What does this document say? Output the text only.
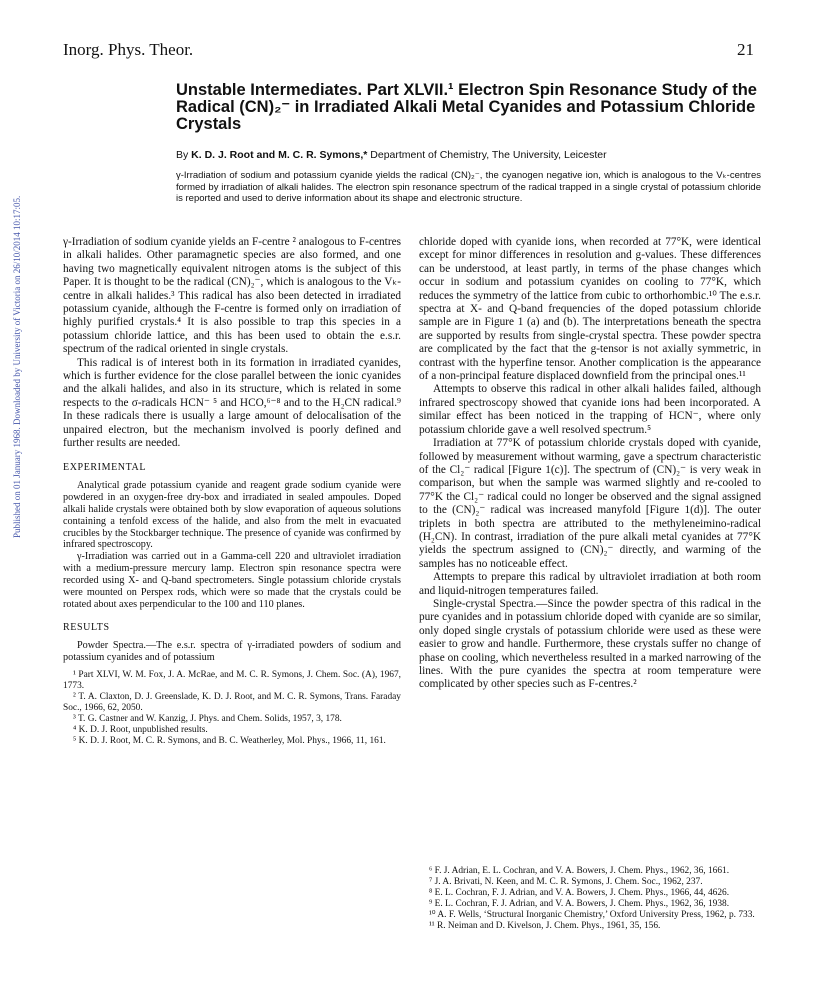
Published on 01 January 1968. Downloaded by University of Victoria on 26/10/2014 10:17:05.
Inorg. Phys. Theor.	21
Unstable Intermediates. Part XLVII.¹ Electron Spin Resonance Study of the Radical (CN)₂⁻ in Irradiated Alkali Metal Cyanides and Potassium Chloride Crystals
By K. D. J. Root and M. C. R. Symons,* Department of Chemistry, The University, Leicester
γ-Irradiation of sodium and potassium cyanide yields the radical (CN)₂⁻, the cyanogen negative ion, which is analogous to the Vₖ-centres formed by irradiation of alkali halides. The electron spin resonance spectrum of the radical trapped in a single crystal of potassium chloride is reported and used to derive information about its shape and electronic structure.

γ-Irradiation of sodium cyanide yields an F-centre ² analogous to F-centres in alkali halides. Other paramagnetic species are also formed, and one having two magnetically equivalent nitrogen atoms is the subject of this Paper. It is thought to be the radical (CN)₂⁻, which is analogous to the Vₖ-centre in alkali halides.³ This radical has also been detected in irradiated potassium cyanide, although the F-centre is formed only on irradiation of highly purified crystals.⁴ It is also possible to trap this species in a potassium chloride lattice, and this has been used to obtain the e.s.r. spectrum of the radical oriented in single crystals.

This radical is of interest both in its formation in irradiated cyanides, which is further evidence for the close parallel between the ionic cyanides and the alkali halides, and also in its structure, which is related in some respects to the σ-radicals HCN⁻ ⁵ and HCO,⁶⁻⁸ and to the H₂CN radical.⁹ In these radicals there is usually a large amount of delocalisation of the unpaired electron, but the mechanism involved is poorly defined and further results are needed.

EXPERIMENTAL

Analytical grade potassium cyanide and reagent grade sodium cyanide were powdered in an oxygen-free dry-box and irradiated in sealed ampoules. Doped alkali halide crystals were obtained both by slow evaporation of aqueous solutions containing a tenfold excess of the halide, and also from the melt in evacuated crucibles by the Stockbarger technique. The presence of cyanide was confirmed by infrared spectroscopy.

γ-Irradiation was carried out in a Gamma-cell 220 and ultraviolet irradiation with a medium-pressure mercury lamp. Electron spin resonance spectra were recorded using X- and Q-band spectrometers. Single potassium chloride crystals were mounted on Perspex rods, which were so made that the crystals could be rotated about axes perpendicular to the 100 and 110 planes.

RESULTS

Powder Spectra.—The e.s.r. spectra of γ-irradiated powders of sodium and potassium cyanides and of potassium

¹ Part XLVI, W. M. Fox, J. A. McRae, and M. C. R. Symons, J. Chem. Soc. (A), 1967, 1773.

² T. A. Claxton, D. J. Greenslade, K. D. J. Root, and M. C. R. Symons, Trans. Faraday Soc., 1966, 62, 2050.

³ T. G. Castner and W. Kanzig, J. Phys. and Chem. Solids, 1957, 3, 178.

⁴ K. D. J. Root, unpublished results.

⁵ K. D. J. Root, M. C. R. Symons, and B. C. Weatherley, Mol. Phys., 1966, 11, 161.

chloride doped with cyanide ions, when recorded at 77°K, were identical except for minor differences in resolution and g-values. These differences can be understood, at least partly, in terms of the phase changes which occur in sodium and potassium cyanides on cooling to 77°K, which reduces the symmetry of the lattice from cubic to orthorhombic.¹⁰ The e.s.r. spectra at X- and Q-band frequencies of the doped potassium chloride sample are in Figure 1 (a) and (b). The interpretations beneath the spectra are supported by results from single-crystal spectra. These powder spectra are complicated by the fact that the g-tensor is not axially symmetric, in contrast with the hyperfine tensor. Another complication is the appearance of a non-principal feature displaced downfield from the principal ones.¹¹

Attempts to observe this radical in other alkali halides failed, although infrared spectroscopy showed that cyanide ions had been incorporated. A similar effect has been noticed in the trapping of HCN⁻, where only potassium chloride gave a well resolved spectrum.⁵

Irradiation at 77°K of potassium chloride crystals doped with cyanide, followed by measurement without warming, gave a spectrum characteristic of the Cl₂⁻ radical [Figure 1(c)]. The spectrum of (CN)₂⁻ is very weak in comparison, but when the sample was warmed slightly and re-cooled to 77°K the Cl₂⁻ radical could no longer be observed and the signal assigned to the (CN)₂⁻ radical was increased manyfold [Figure 1(d)]. The outer triplets in both spectra are attributed to the methyleneimino-radical (H₂CN). In contrast, irradiation of the pure alkali metal cyanides at 77°K yields the spectrum assigned to (CN)₂⁻ directly, and warming of the samples has no noticeable effect.

Attempts to prepare this radical by ultraviolet irradiation at both room and liquid-nitrogen temperatures failed.

Single-crystal Spectra.—Since the powder spectra of this radical in the pure cyanides and in potassium chloride doped with cyanide are so similar, only doped single crystals of potassium chloride were used as these were easier to grow and handle. Furthermore, these crystals suffer no change of phase on cooling, which nevertheless resulted in a marked narrowing of the lines. With the pure cyanides the spectra at room temperature were complicated by other species such as F-centres.²

⁶ F. J. Adrian, E. L. Cochran, and V. A. Bowers, J. Chem. Phys., 1962, 36, 1661.

⁷ J. A. Brivati, N. Keen, and M. C. R. Symons, J. Chem. Soc., 1962, 237.

⁸ E. L. Cochran, F. J. Adrian, and V. A. Bowers, J. Chem. Phys., 1966, 44, 4626.

⁹ E. L. Cochran, F. J. Adrian, and V. A. Bowers, J. Chem. Phys., 1962, 36, 1938.

¹⁰ A. F. Wells, ‘Structural Inorganic Chemistry,’ Oxford University Press, 1962, p. 733.

¹¹ R. Neiman and D. Kivelson, J. Chem. Phys., 1961, 35, 156.
